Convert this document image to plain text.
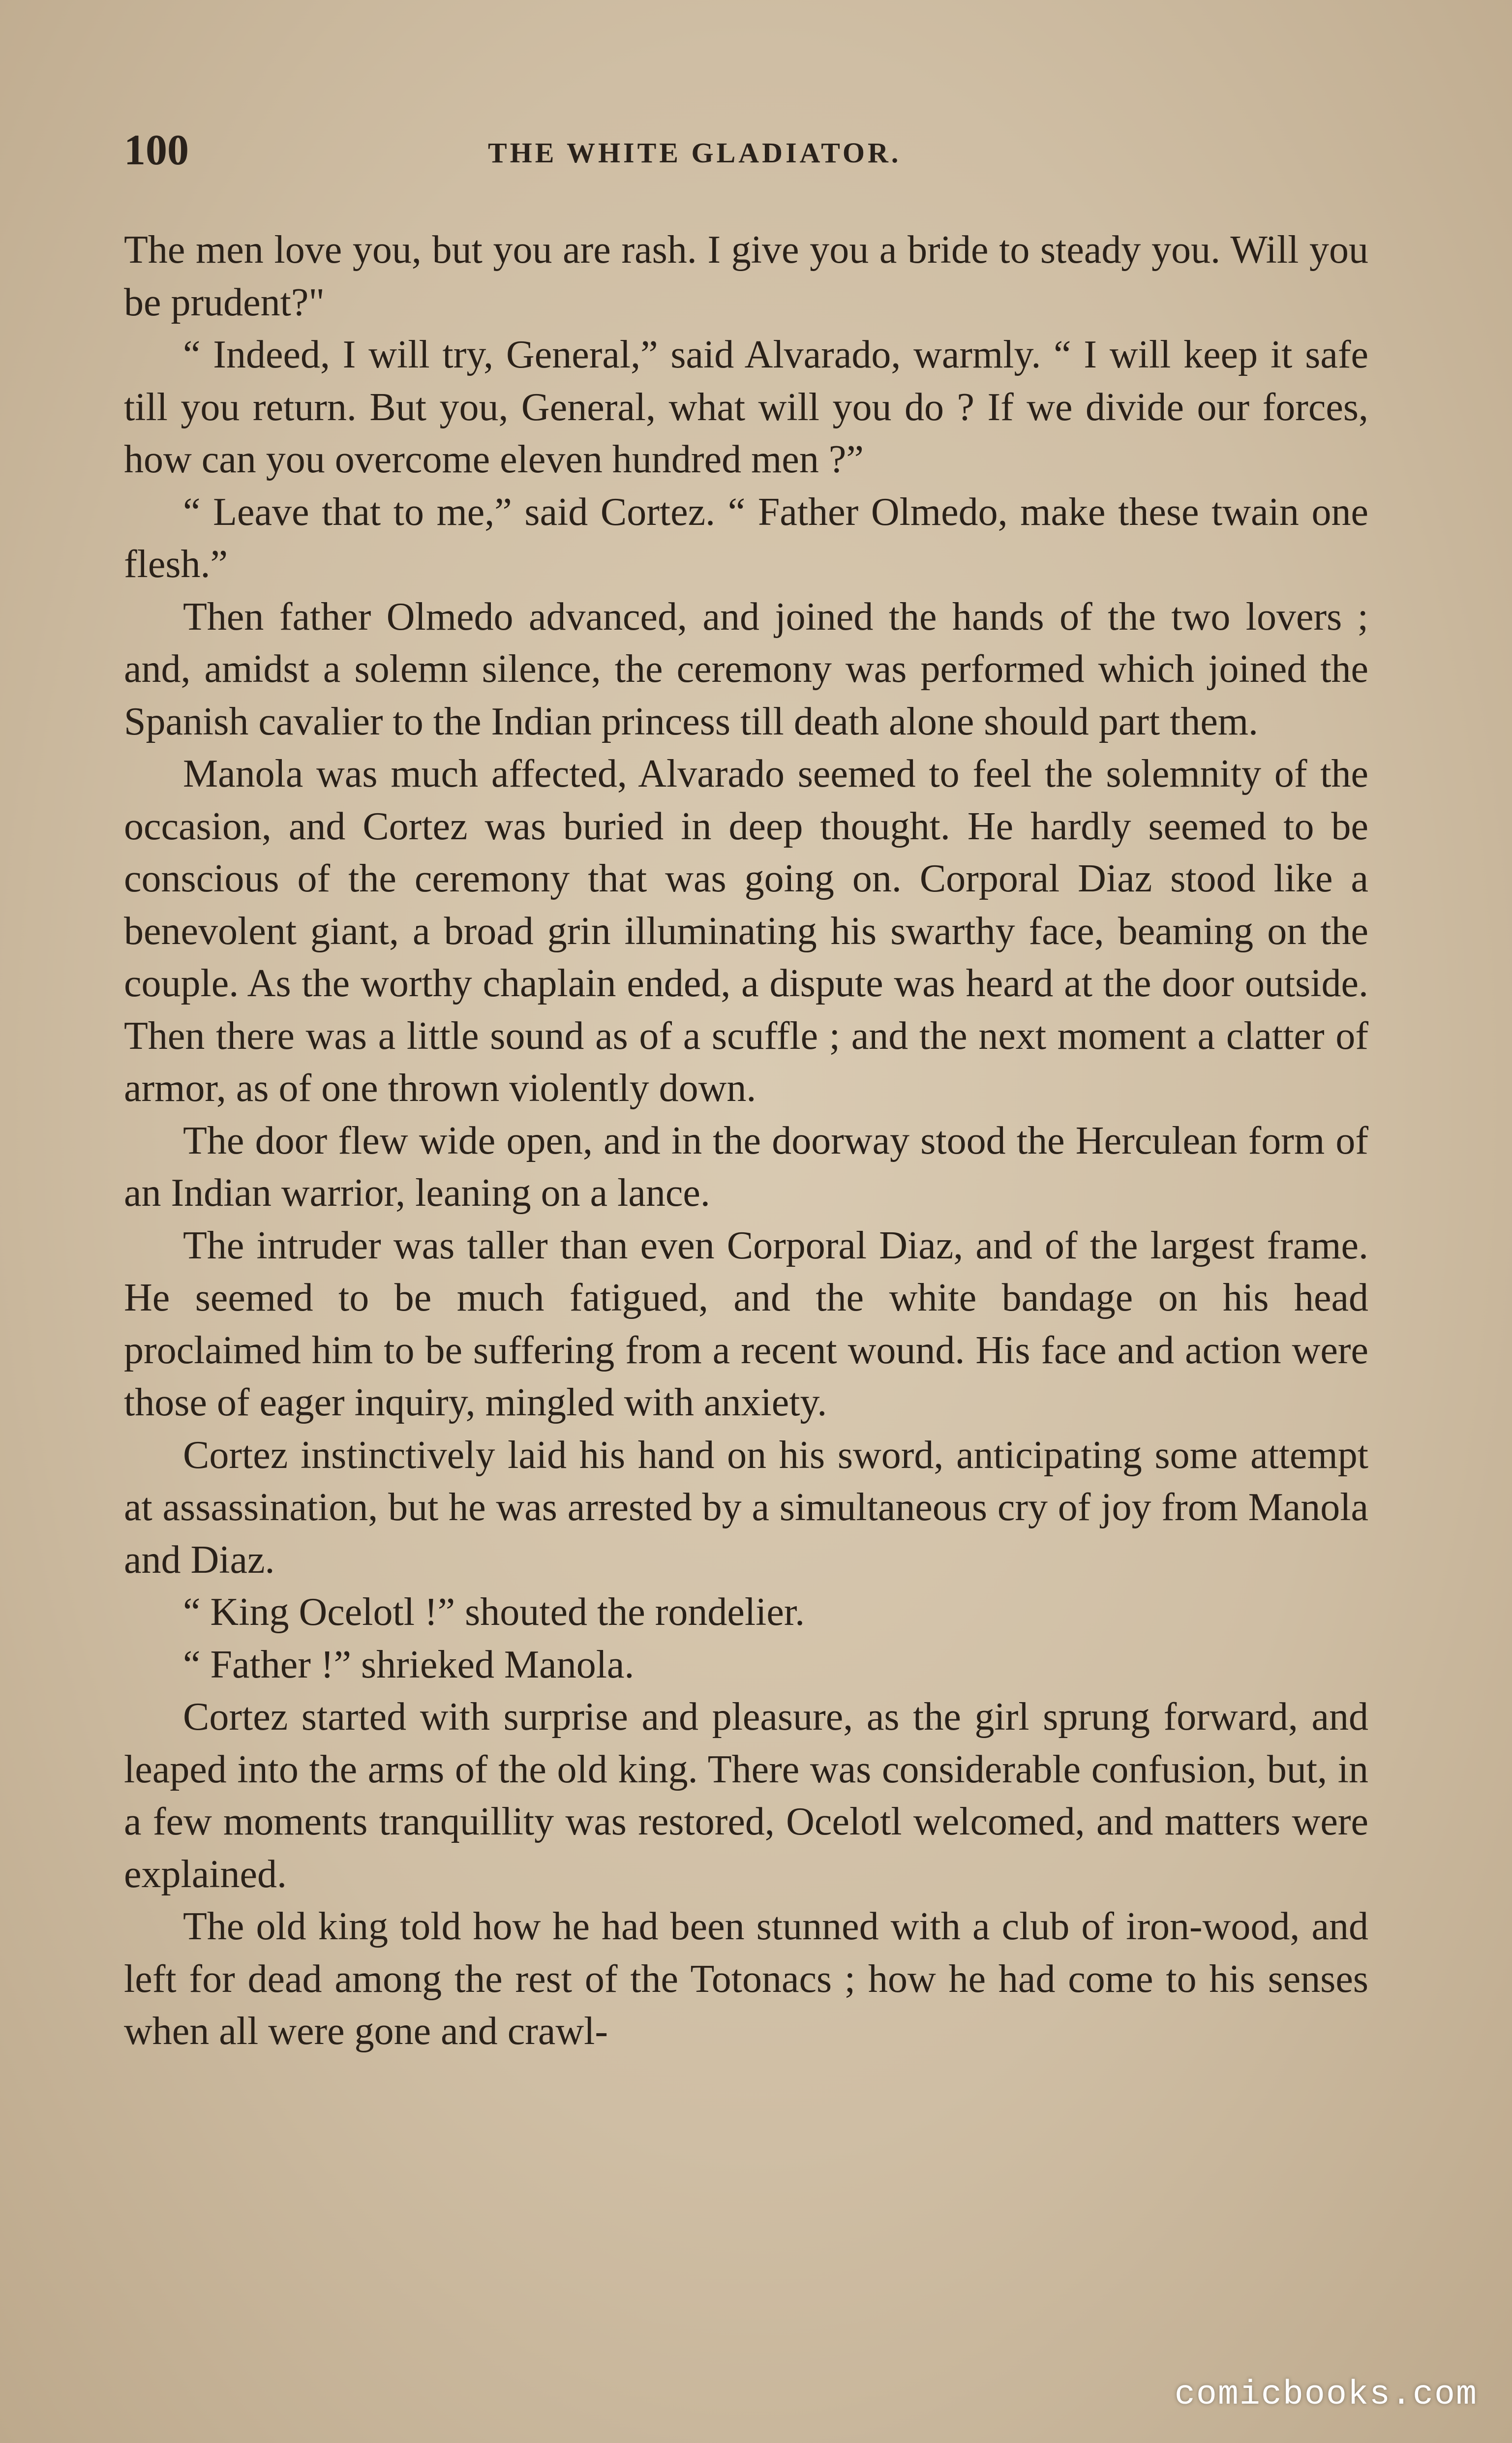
100	THE WHITE GLADIATOR.

The men love you, but you are rash. I give you a bride to steady you. Will you be prudent?"

“ Indeed, I will try, General,” said Alvarado, warmly. “ I will keep it safe till you return. But you, General, what will you do ? If we divide our forces, how can you overcome eleven hundred men ?”

“ Leave that to me,” said Cortez. “ Father Olmedo, make these twain one flesh.”

Then father Olmedo advanced, and joined the hands of the two lovers ; and, amidst a solemn silence, the ceremony was performed which joined the Spanish cavalier to the Indian princess till death alone should part them.

Manola was much affected, Alvarado seemed to feel the solemnity of the occasion, and Cortez was buried in deep thought. He hardly seemed to be conscious of the ceremony that was going on. Corporal Diaz stood like a benevolent giant, a broad grin illuminating his swarthy face, beaming on the couple. As the worthy chaplain ended, a dispute was heard at the door outside. Then there was a little sound as of a scuffle ; and the next moment a clatter of armor, as of one thrown violently down.

The door flew wide open, and in the doorway stood the Herculean form of an Indian warrior, leaning on a lance.

The intruder was taller than even Corporal Diaz, and of the largest frame. He seemed to be much fatigued, and the white bandage on his head proclaimed him to be suffering from a recent wound. His face and action were those of eager inquiry, mingled with anxiety.

Cortez instinctively laid his hand on his sword, anticipating some attempt at assassination, but he was arrested by a simultaneous cry of joy from Manola and Diaz.

“ King Ocelotl !” shouted the rondelier.

“ Father !” shrieked Manola.

Cortez started with surprise and pleasure, as the girl sprung forward, and leaped into the arms of the old king. There was considerable confusion, but, in a few moments tranquillity was restored, Ocelotl welcomed, and matters were explained.

The old king told how he had been stunned with a club of iron-wood, and left for dead among the rest of the Totonacs ; how he had come to his senses when all were gone and crawl-

comicbooks.com
